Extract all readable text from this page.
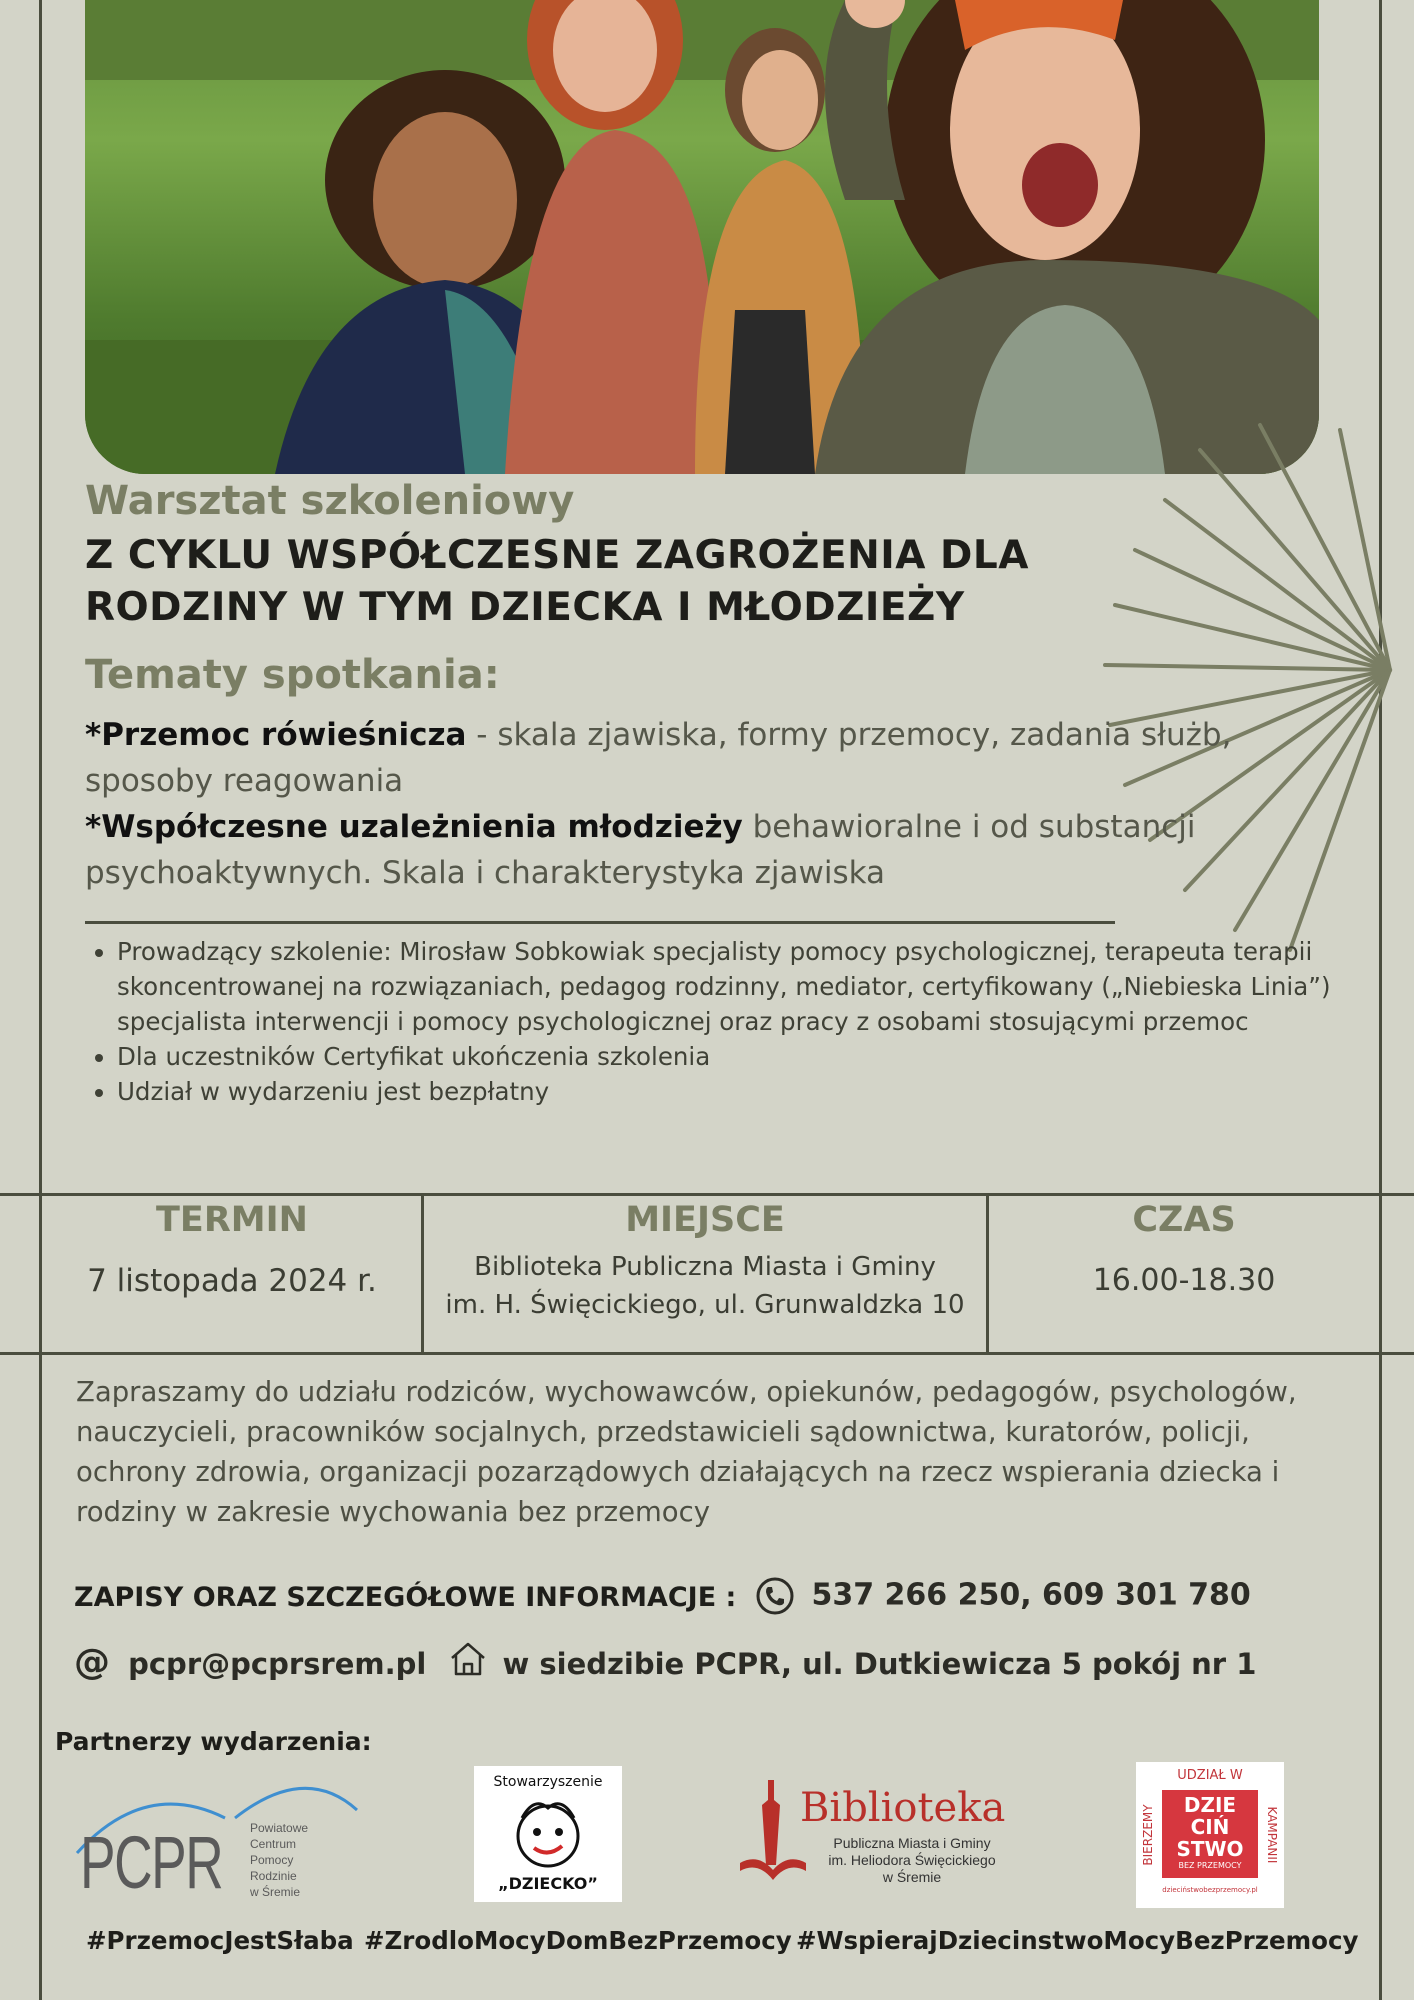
Warsztat szkoleniowy
Z CYKLU WSPÓŁCZESNE ZAGROŻENIA DLA
RODZINY W TYM DZIECKA I MŁODZIEŻY
Tematy spotkania:
*Przemoc rówieśnicza - skala zjawiska, formy przemocy, zadania służb, sposoby reagowania
*Współczesne uzależnienia młodzieży behawioralne i od substancji psychoaktywnych. Skala i charakterystyka zjawiska
• Prowadzący szkolenie: Mirosław Sobkowiak specjalisty pomocy psychologicznej, terapeuta terapii skoncentrowanej na rozwiązaniach, pedagog rodzinny, mediator, certyfikowany („Niebieska Linia”) specjalista interwencji i pomocy psychologicznej oraz pracy z osobami stosującymi przemoc
• Dla uczestników Certyfikat ukończenia szkolenia
• Udział w wydarzeniu jest bezpłatny
TERMIN
7 listopada 2024 r.
MIEJSCE
Biblioteka Publiczna Miasta i Gminy
im. H. Święcickiego, ul. Grunwaldzka 10
CZAS
16.00-18.30
Zapraszamy do udziału rodziców, wychowawców, opiekunów, pedagogów, psychologów, nauczycieli, pracowników socjalnych, przedstawicieli sądownictwa, kuratorów, policji, ochrony zdrowia, organizacji pozarządowych działających na rzecz wspierania dziecka i rodziny w zakresie wychowania bez przemocy
ZAPISY ORAZ SZCZEGÓŁOWE INFORMACJE :	537 266 250, 609 301 780
@ pcpr@pcprsrem.pl	w siedzibie PCPR, ul. Dutkiewicza 5 pokój nr 1
Partnerzy wydarzenia:
PCPR Powiatowe
Centrum
Pomocy
Rodzinie
w Śremie
Stowarzyszenie
„DZIECKO”
Biblioteka
Publiczna Miasta i Gminy
im. Heliodora Święcickiego
w Śremie
UDZIAŁ W
BIERZEMY	KAMPANII
DZIE
CIŃ
STWO
BEZ PRZEMOCY
dzieciństwobezprzemocy.pl
#PrzemocJestSłaba #ZrodloMocyDomBezPrzemocy #WspierajDziecinstwoMocyBezPrzemocy
